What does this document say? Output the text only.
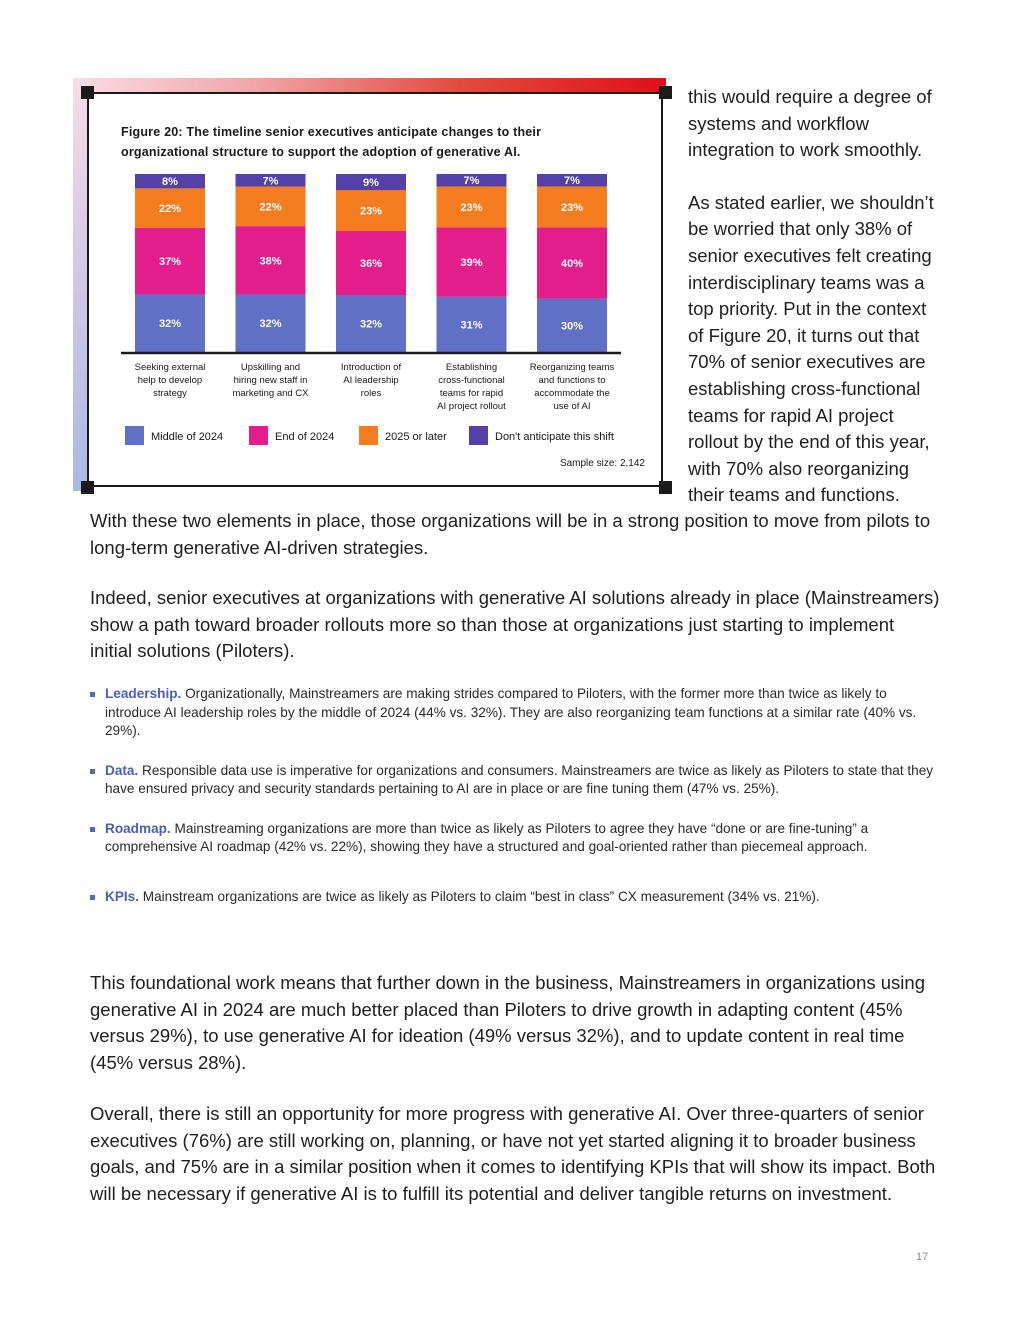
Figure 20: The timeline senior executives anticipate changes to their organizational structure to support the adoption of generative AI.
32%
37%
22%
8%
Seeking external
help to develop
strategy
32%
38%
22%
7%
Upskilling and
hiring new staff in
marketing and CX
32%
36%
23%
9%
Introduction of
AI leadership
roles
31%
39%
23%
7%
Establishing
cross-functional
teams for rapid
AI project rollout
30%
40%
23%
7%
Reorganizing teams
and functions to
accommodate the
use of AI
Middle of 2024	End of 2024	2025 or later	Don't anticipate this shift
Sample size: 2,142

this would require a degree of systems and workflow integration to work smoothly.

As stated earlier, we shouldn’t be worried that only 38% of senior executives felt creating interdisciplinary teams was a top priority. Put in the context of Figure 20, it turns out that 70% of senior executives are establishing cross-functional teams for rapid AI project rollout by the end of this year, with 70% also reorganizing their teams and functions.

With these two elements in place, those organizations will be in a strong position to move from pilots to long-term generative AI-driven strategies.
Indeed, senior executives at organizations with generative AI solutions already in place (Mainstreamers) show a path toward broader rollouts more so than those at organizations just starting to implement initial solutions (Piloters).
Leadership. Organizationally, Mainstreamers are making strides compared to Piloters, with the former more than twice as likely to introduce AI leadership roles by the middle of 2024 (44% vs. 32%). They are also reorganizing team functions at a similar rate (40% vs. 29%).
Data. Responsible data use is imperative for organizations and consumers. Mainstreamers are twice as likely as Piloters to state that they have ensured privacy and security standards pertaining to AI are in place or are fine tuning them (47% vs. 25%).
Roadmap. Mainstreaming organizations are more than twice as likely as Piloters to agree they have “done or are fine-tuning” a comprehensive AI roadmap (42% vs. 22%), showing they have a structured and goal-oriented rather than piecemeal approach.
KPIs. Mainstream organizations are twice as likely as Piloters to claim “best in class” CX measurement (34% vs. 21%).
This foundational work means that further down in the business, Mainstreamers in organizations using generative AI in 2024 are much better placed than Piloters to drive growth in adapting content (45% versus 29%), to use generative AI for ideation (49% versus 32%), and to update content in real time (45% versus 28%).
Overall, there is still an opportunity for more progress with generative AI. Over three-quarters of senior executives (76%) are still working on, planning, or have not yet started aligning it to broader business goals, and 75% are in a similar position when it comes to identifying KPIs that will show its impact. Both will be necessary if generative AI is to fulfill its potential and deliver tangible returns on investment.
17
